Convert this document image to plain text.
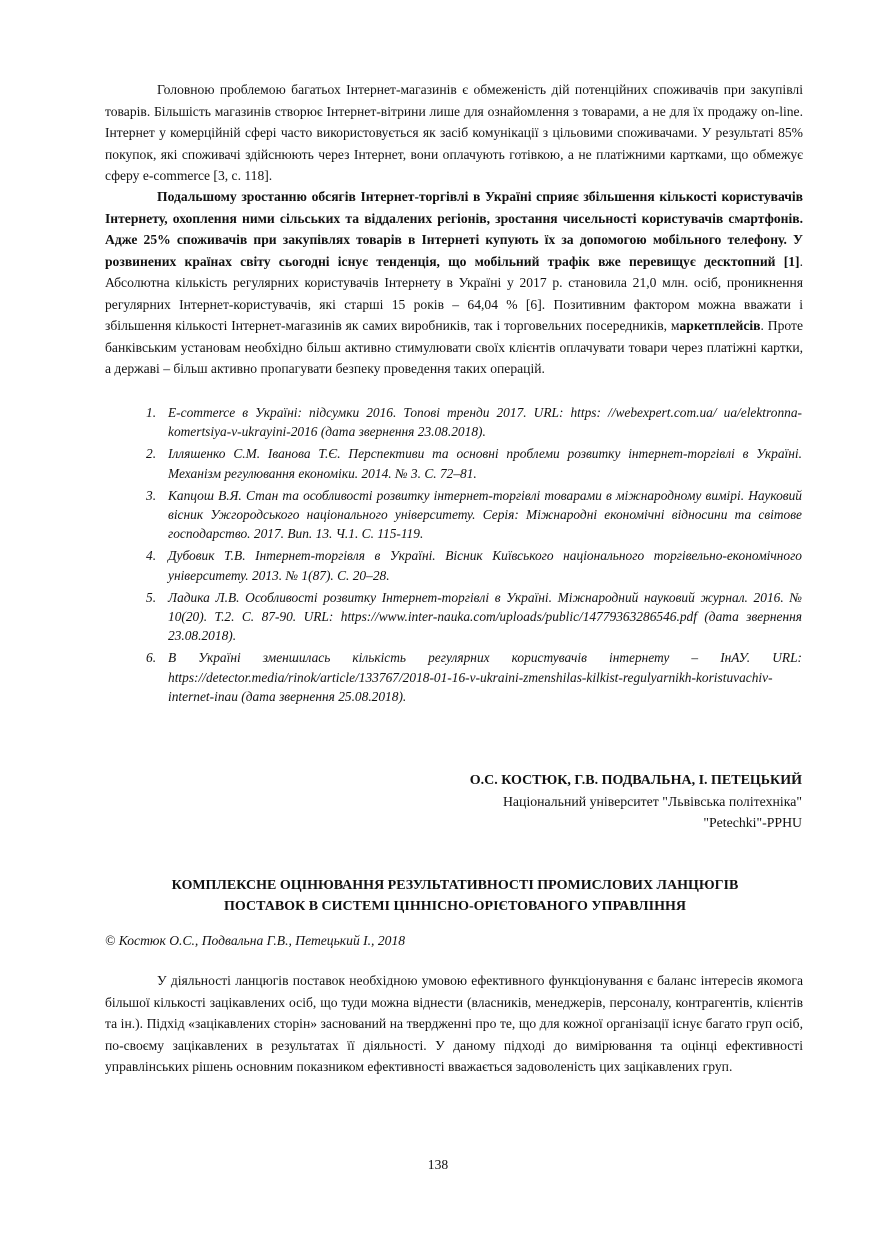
Головною проблемою багатьох Інтернет-магазинів є обмеженість дій потенційних споживачів при закупівлі товарів. Більшість магазинів створює Інтернет-вітрини лише для ознайомлення з товарами, а не для їх продажу on-line. Інтернет у комерційній сфері часто використовується як засіб комунікації з цільовими споживачами. У результаті 85% покупок, які споживачі здійснюють через Інтернет, вони оплачують готівкою, а не платіжними картками, що обмежує сферу e-commerce [3, с. 118].

Подальшому зростанню обсягів Інтернет-торгівлі в Україні сприяє збільшення кількості користувачів Інтернету, охоплення ними сільських та віддалених регіонів, зростання чисельності користувачів смартфонів. Адже 25% споживачів при закупівлях товарів в Інтернеті купують їх за допомогою мобільного телефону. У розвинених країнах світу сьогодні існує тенденція, що мобільний трафік вже перевищує десктопний [1]. Абсолютна кількість регулярних користувачів Інтернету в Україні у 2017 р. становила 21,0 млн. осіб, проникнення регулярних Інтернет-користувачів, які старші 15 років – 64,04 % [6]. Позитивним фактором можна вважати і збільшення кількості Інтернет-магазинів як самих виробників, так і торговельних посередників, маркетплейсів. Проте банківським установам необхідно більш активно стимулювати своїх клієнтів оплачувати товари через платіжні картки, а державі – більш активно пропагувати безпеку проведення таких операцій.

1. E-commerce в Україні: підсумки 2016. Топові тренди 2017. URL: https: //webexpert.com.ua/ ua/elektronna-komertsiya-v-ukrayini-2016 (дата звернення 23.08.2018).
2. Ілляшенко С.М. Іванова Т.Є. Перспективи та основні проблеми розвитку інтернет-торгівлі в Україні. Механізм регулювання економіки. 2014. № 3. С. 72–81.
3. Капцош В.Я. Стан та особливості розвитку інтернет-торгівлі товарами в міжнародному вимірі. Науковий вісник Ужгородського національного університету. Серія: Міжнародні економічні відносини та світове господарство. 2017. Вип. 13. Ч.1. С. 115-119.
4. Дубовик Т.В. Інтернет-торгівля в Україні. Вісник Київського національного торгівельно-економічного університету. 2013. № 1(87). С. 20–28.
5. Ладика Л.В. Особливості розвитку Інтернет-торгівлі в Україні. Міжнародний науковий журнал. 2016. № 10(20). Т.2. С. 87-90. URL: https://www.inter-nauka.com/uploads/public/14779363286546.pdf (дата звернення 23.08.2018).
6. В Україні зменшилась кількість регулярних користувачів інтернету – ІнАУ. URL: https://detector.media/rinok/article/133767/2018-01-16-v-ukraini-zmenshilas-kilkist-regulyarnikh-koristuvachiv-internet-inau (дата звернення 25.08.2018).
О.С. КОСТЮК, Г.В. ПОДВАЛЬНА, І. ПЕТЕЦЬКИЙ
Національний університет "Львівська політехніка"
"Petechki"-PPHU
КОМПЛЕКСНЕ ОЦІНЮВАННЯ РЕЗУЛЬТАТИВНОСТІ ПРОМИСЛОВИХ ЛАНЦЮГІВ
ПОСТАВОК В СИСТЕМІ ЦІННІСНО-ОРІЄТОВАНОГО УПРАВЛІННЯ

© Костюк О.С., Подвальна Г.В., Петецький І., 2018

У діяльності ланцюгів поставок необхідною умовою ефективного функціонування є баланс інтересів якомога більшої кількості зацікавлених осіб, що туди можна віднести (власників, менеджерів, персоналу, контрагентів, клієнтів та ін.). Підхід «зацікавлених сторін» заснований на твердженні про те, що для кожної організації існує багато груп осіб, по-своєму зацікавлених в результатах її діяльності. У даному підході до вимірювання та оцінці ефективності управлінських рішень основним показником ефективності вважається задоволеність цих зацікавлених груп.

138
